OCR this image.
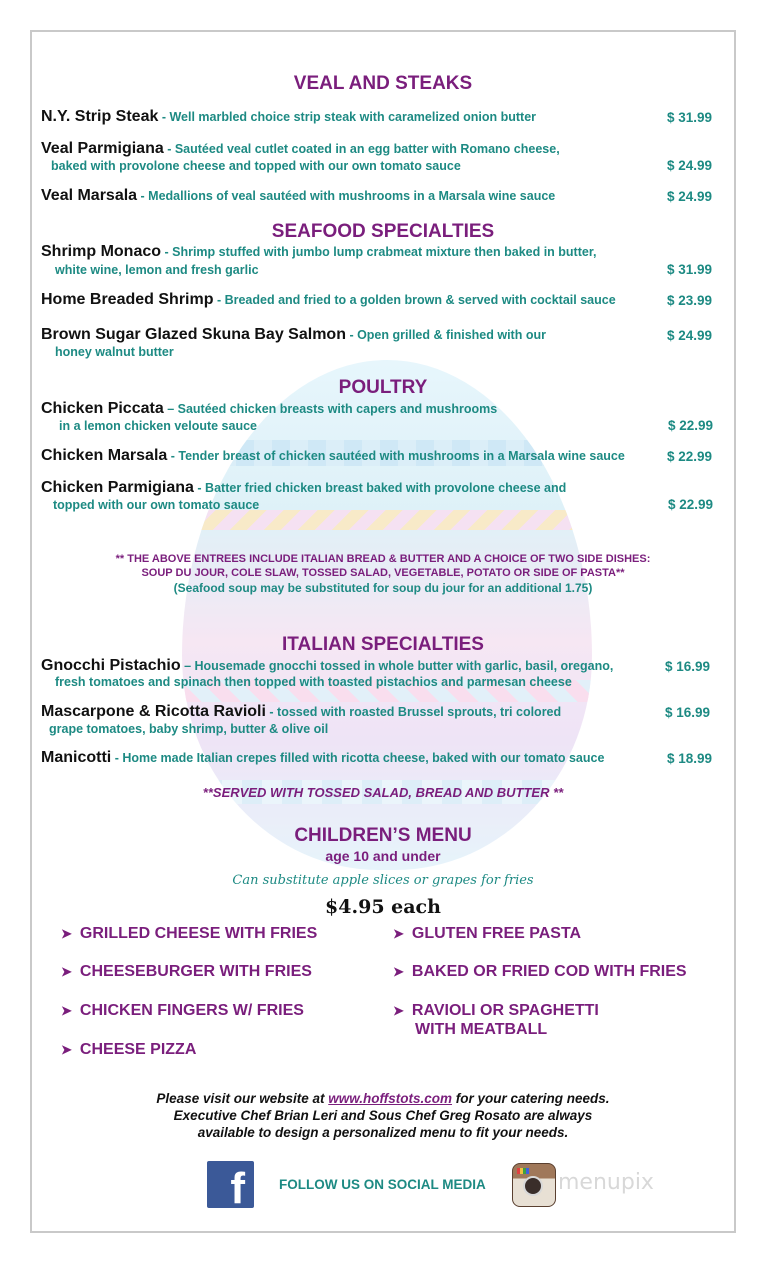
VEAL AND STEAKS
N.Y. Strip Steak - Well marbled choice strip steak with caramelized onion butter	$ 31.99
Veal Parmigiana - Sautéed veal cutlet coated in an egg batter with Romano cheese,
baked with provolone cheese and topped with our own tomato sauce	$ 24.99
Veal Marsala - Medallions of veal sautéed with mushrooms in a Marsala wine sauce	$ 24.99
SEAFOOD SPECIALTIES
Shrimp Monaco - Shrimp stuffed with jumbo lump crabmeat mixture then baked in butter,
white wine, lemon and fresh garlic	$ 31.99
Home Breaded Shrimp - Breaded and fried to a golden brown & served with cocktail sauce	$ 23.99
Brown Sugar Glazed Skuna Bay Salmon - Open grilled & finished with our
honey walnut butter
$ 24.99
POULTRY
Chicken Piccata – Sautéed chicken breasts with capers and mushrooms
in a lemon chicken veloute sauce	$ 22.99
Chicken Marsala - Tender breast of chicken sautéed with mushrooms in a Marsala wine sauce	$ 22.99
Chicken Parmigiana - Batter fried chicken breast baked with provolone cheese and
topped with our own tomato sauce	$ 22.99
** THE ABOVE ENTREES INCLUDE ITALIAN BREAD & BUTTER AND A CHOICE OF TWO SIDE DISHES:
SOUP DU JOUR, COLE SLAW, TOSSED SALAD, VEGETABLE, POTATO OR SIDE OF PASTA**
(Seafood soup may be substituted for soup du jour for an additional 1.75)
ITALIAN SPECIALTIES
Gnocchi Pistachio – Housemade gnocchi tossed in whole butter with garlic, basil, oregano,
fresh tomatoes and spinach then topped with toasted pistachios and parmesan cheese
$ 16.99
Mascarpone & Ricotta Ravioli - tossed with roasted Brussel sprouts, tri colored
grape tomatoes, baby shrimp, butter & olive oil
$ 16.99
Manicotti - Home made Italian crepes filled with ricotta cheese, baked with our tomato sauce	$ 18.99
**SERVED WITH TOSSED SALAD, BREAD AND BUTTER **
CHILDREN’S MENU
age 10 and under
Can substitute apple slices or grapes for fries
$4.95 each
➤ GRILLED CHEESE WITH FRIES	➤ GLUTEN FREE PASTA
➤ CHEESEBURGER WITH FRIES	➤ BAKED OR FRIED COD WITH FRIES
➤ CHICKEN FINGERS W/ FRIES	➤ RAVIOLI OR SPAGHETTI
WITH MEATBALL
➤ CHEESE PIZZA
Please visit our website at www.hoffstots.com for your catering needs.
Executive Chef Brian Leri and Sous Chef Greg Rosato are always
available to design a personalized menu to fit your needs.
f	FOLLOW US ON SOCIAL MEDIA	menupix
